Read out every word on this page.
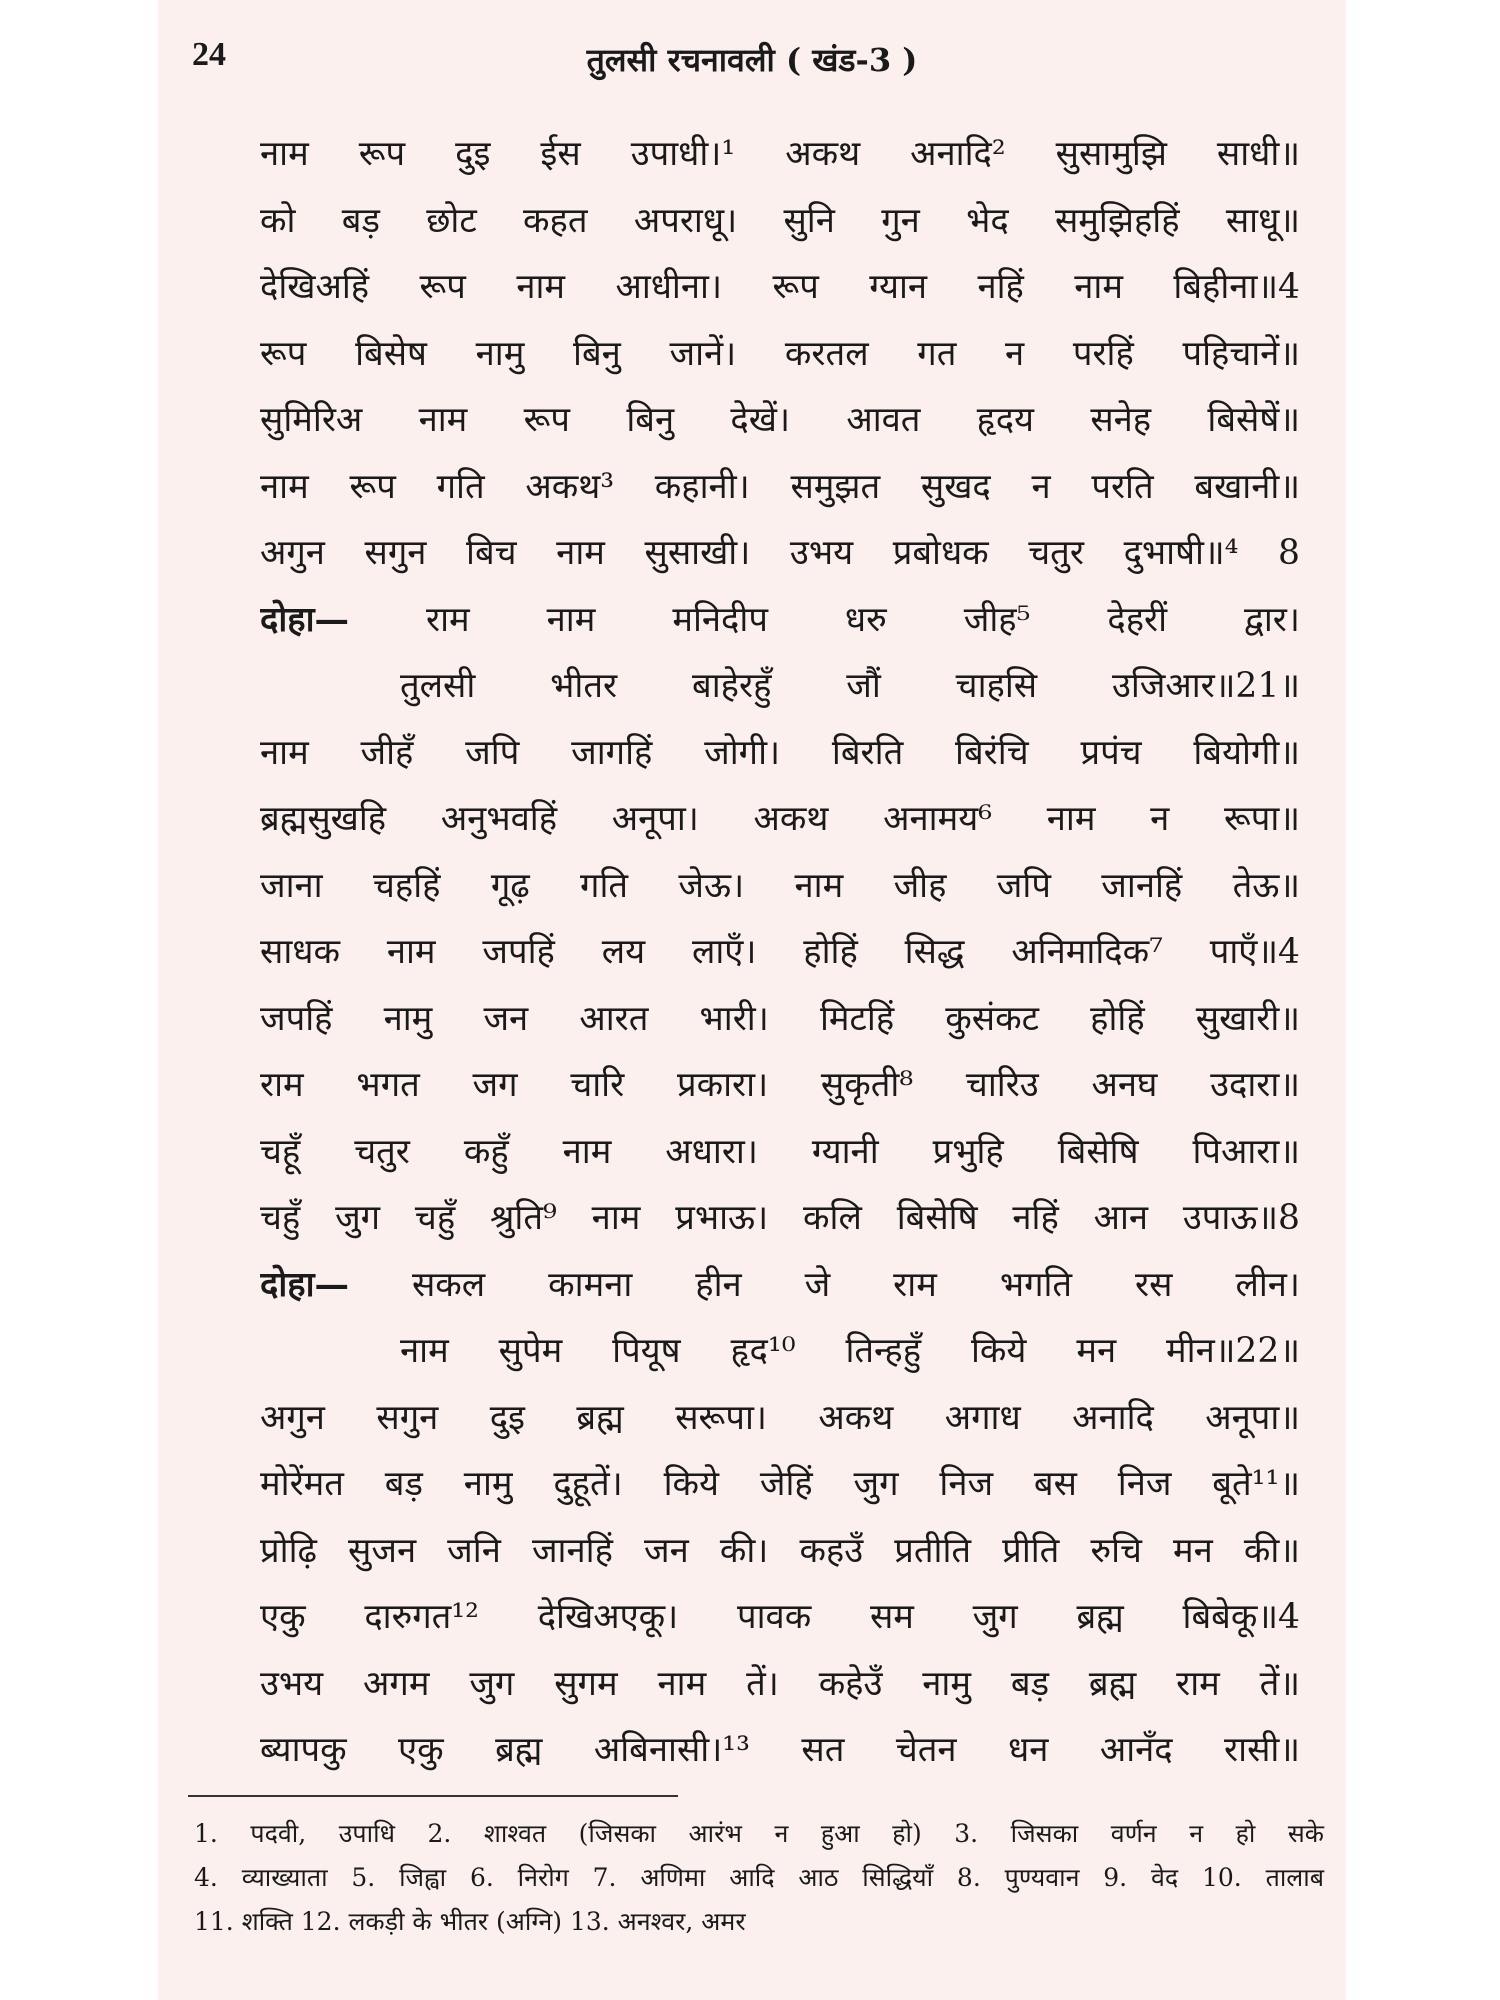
24	तुलसी रचनावली ( खंड-3 )
नाम रूप दुइ ईस उपाधी।¹ अकथ अनादि² सुसामुझि साधी॥
को बड़ छोट कहत अपराधू। सुनि गुन भेद समुझिहहिं साधू॥
देखिअहिं रूप नाम आधीना। रूप ग्यान नहिं नाम बिहीना॥4
रूप बिसेष नामु बिनु जानें। करतल गत न परहिं पहिचानें॥
सुमिरिअ नाम रूप बिनु देखें। आवत हृदय सनेह बिसेषें॥
नाम रूप गति अकथ³ कहानी। समुझत सुखद न परति बखानी॥
अगुन सगुन बिच नाम सुसाखी। उभय प्रबोधक चतुर दुभाषी॥⁴ 8
दोहा— राम नाम मनिदीप धरु जीह⁵ देहरीं द्वार।
तुलसी भीतर बाहेरहुँ जौं चाहसि उजिआर॥21॥
नाम जीहँ जपि जागहिं जोगी। बिरति बिरंचि प्रपंच बियोगी॥
ब्रह्मसुखहि अनुभवहिं अनूपा। अकथ अनामय⁶ नाम न रूपा॥
जाना चहहिं गूढ़ गति जेऊ। नाम जीह जपि जानहिं तेऊ॥
साधक नाम जपहिं लय लाएँ। होहिं सिद्ध अनिमादिक⁷ पाएँ॥4
जपहिं नामु जन आरत भारी। मिटहिं कुसंकट होहिं सुखारी॥
राम भगत जग चारि प्रकारा। सुकृती⁸ चारिउ अनघ उदारा॥
चहूँ चतुर कहुँ नाम अधारा। ग्यानी प्रभुहि बिसेषि पिआरा॥
चहुँ जुग चहुँ श्रुति⁹ नाम प्रभाऊ। कलि बिसेषि नहिं आन उपाऊ॥8
दोहा— सकल कामना हीन जे राम भगति रस लीन।
नाम सुपेम पियूष हृद¹⁰ तिन्हहुँ किये मन मीन॥22॥
अगुन सगुन दुइ ब्रह्म सरूपा। अकथ अगाध अनादि अनूपा॥
मोरेंमत बड़ नामु दुहूतें। किये जेहिं जुग निज बस निज बूते¹¹॥
प्रोढ़ि सुजन जनि जानहिं जन की। कहउँ प्रतीति प्रीति रुचि मन की॥
एकु दारुगत¹² देखिअएकू। पावक सम जुग ब्रह्म बिबेकू॥4
उभय अगम जुग सुगम नाम तें। कहेउँ नामु बड़ ब्रह्म राम तें॥
ब्यापकु एकु ब्रह्म अबिनासी।¹³ सत चेतन धन आनँद रासी॥
1. पदवी, उपाधि 2. शाश्वत (जिसका आरंभ न हुआ हो) 3. जिसका वर्णन न हो सके
4. व्याख्याता 5. जिह्वा 6. निरोग 7. अणिमा आदि आठ सिद्धियाँ 8. पुण्यवान 9. वेद 10. तालाब
11. शक्ति 12. लकड़ी के भीतर (अग्नि) 13. अनश्वर, अमर
